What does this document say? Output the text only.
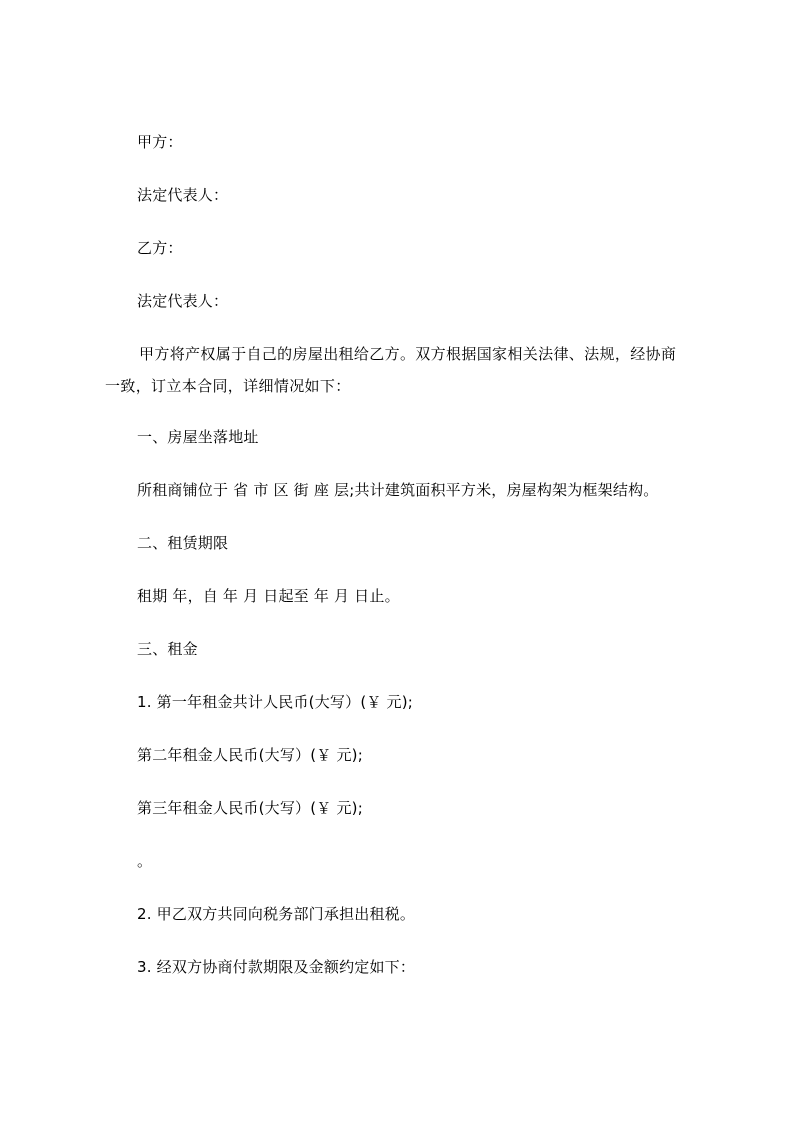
甲方：
法定代表人：
乙方：
法定代表人：
甲方将产权属于自己的房屋出租给乙方。双方根据国家相关法律、法规，经协商
一致，订立本合同，详细情况如下：
一、房屋坐落地址
所租商铺位于 省 市 区 街 座 层;共计建筑面积平方米，房屋构架为框架结构。
二、租赁期限
租期 年，自 年 月 日起至 年 月 日止。
三、租金
1. 第一年租金共计人民币(大写）(￥ 元);
第二年租金人民币(大写）(￥ 元);
第三年租金人民币(大写）(￥ 元);
。
2. 甲乙双方共同向税务部门承担出租税。
3. 经双方协商付款期限及金额约定如下：
